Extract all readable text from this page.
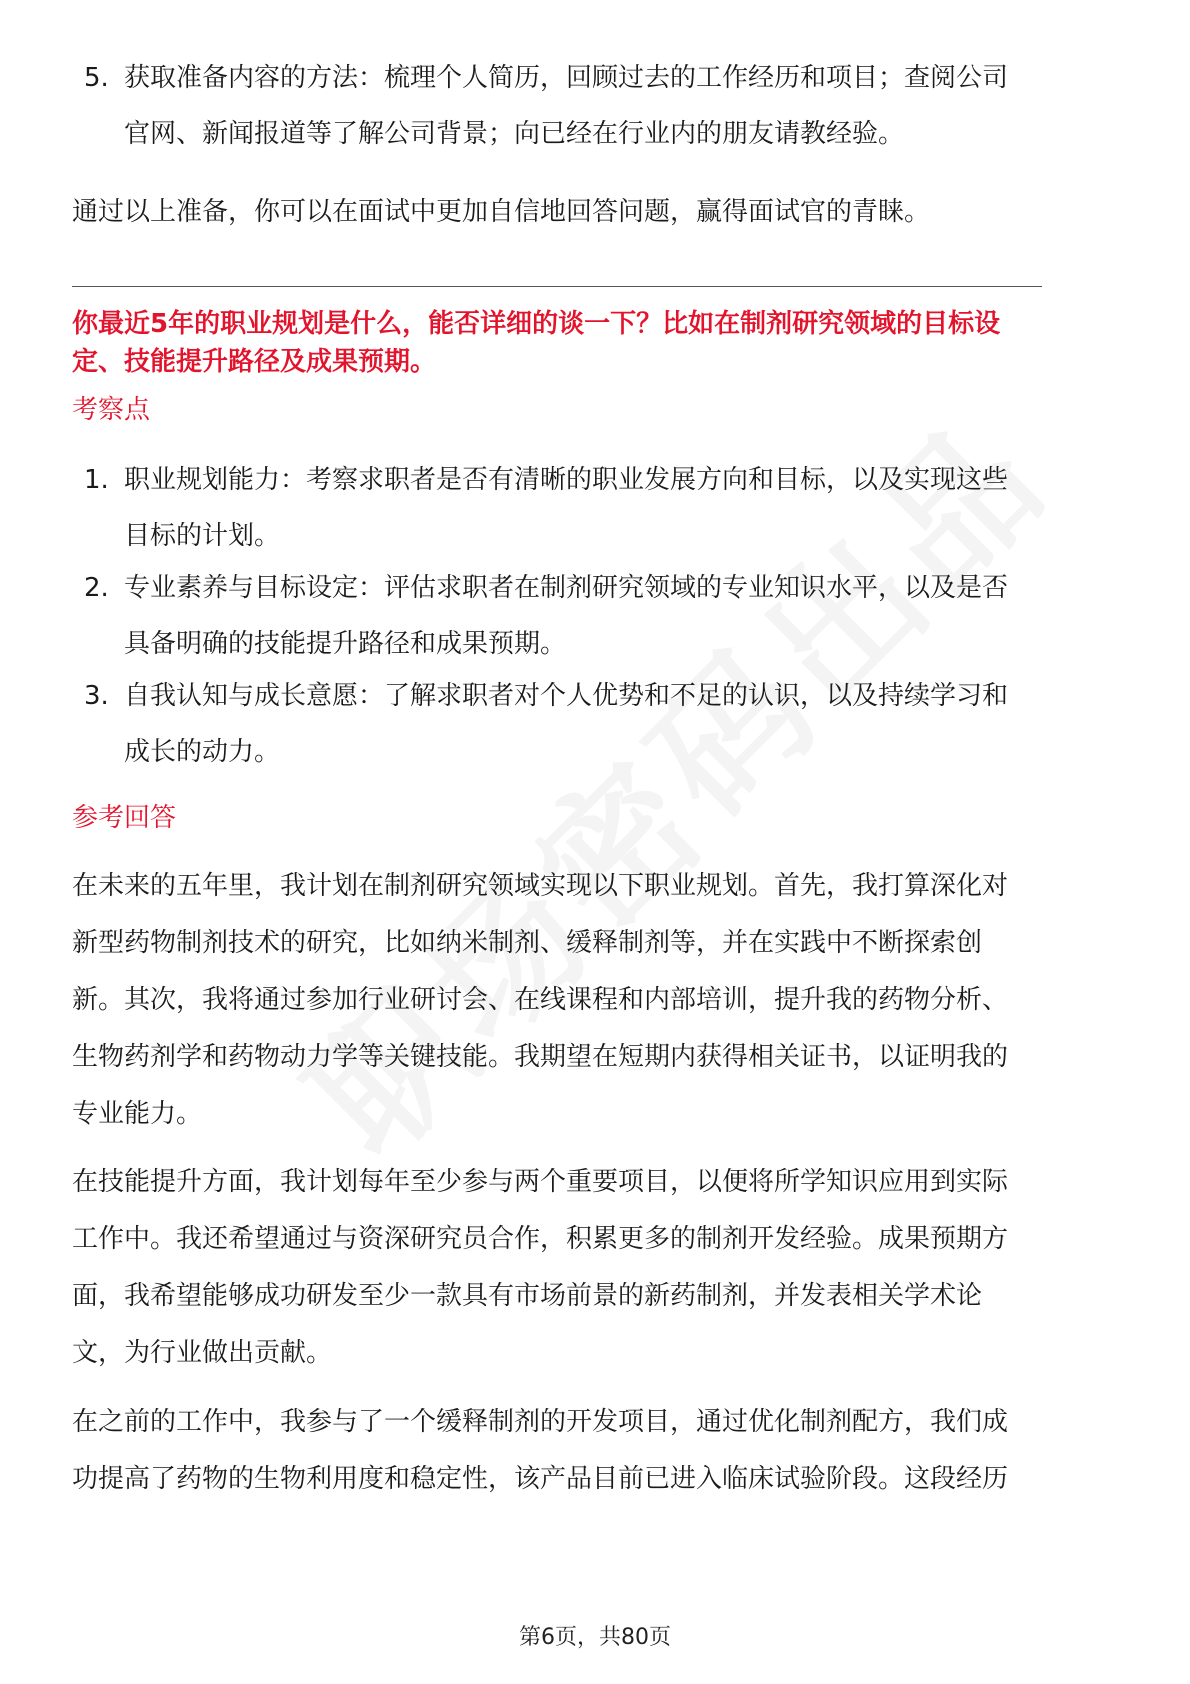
5. 获取准备内容的方法：梳理个人简历，回顾过去的工作经历和项目；查阅公司
官网、新闻报道等了解公司背景；向已经在行业内的朋友请教经验。

通过以上准备，你可以在面试中更加自信地回答问题，赢得面试官的青睐。

你最近5年的职业规划是什么，能否详细的谈一下？比如在制剂研究领域的目标设

定、技能提升路径及成果预期。

考察点

1. 职业规划能力：考察求职者是否有清晰的职业发展方向和目标，以及实现这些
目标的计划。
2. 专业素养与目标设定：评估求职者在制剂研究领域的专业知识水平，以及是否
具备明确的技能提升路径和成果预期。
3. 自我认知与成长意愿：了解求职者对个人优势和不足的认识，以及持续学习和
成长的动力。

参考回答

在未来的五年里，我计划在制剂研究领域实现以下职业规划。首先，我打算深化对
新型药物制剂技术的研究，比如纳米制剂、缓释制剂等，并在实践中不断探索创
新。其次，我将通过参加行业研讨会、在线课程和内部培训，提升我的药物分析、
生物药剂学和药物动力学等关键技能。我期望在短期内获得相关证书，以证明我的
专业能力。
在技能提升方面，我计划每年至少参与两个重要项目，以便将所学知识应用到实际
工作中。我还希望通过与资深研究员合作，积累更多的制剂开发经验。成果预期方
面，我希望能够成功研发至少一款具有市场前景的新药制剂，并发表相关学术论
文，为行业做出贡献。
在之前的工作中，我参与了一个缓释制剂的开发项目，通过优化制剂配方，我们成
功提高了药物的生物利用度和稳定性，该产品目前已进入临床试验阶段。这段经历
第6页，共80页
